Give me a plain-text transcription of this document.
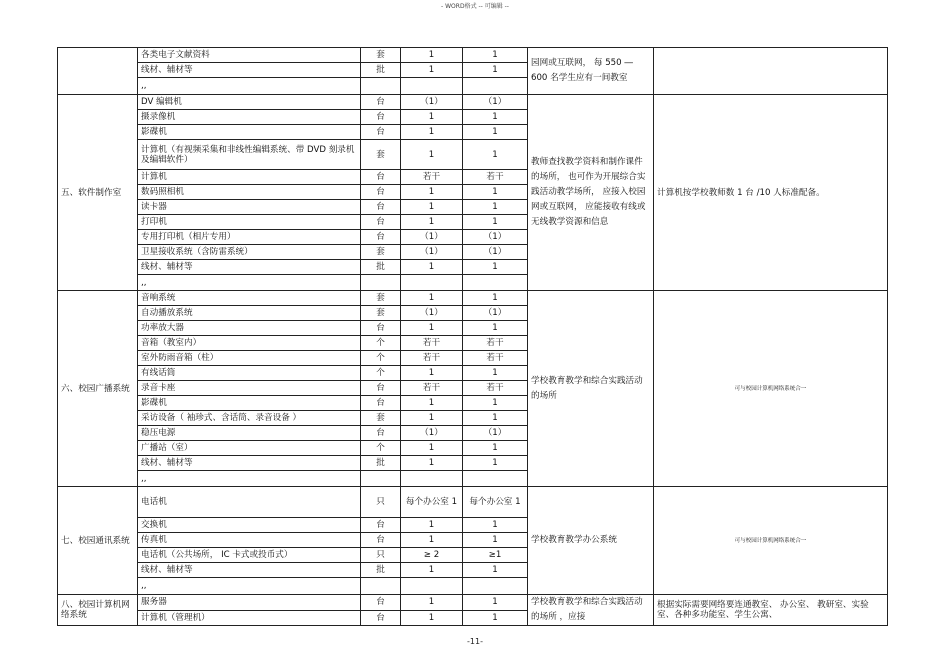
- WORD格式 -- 可编辑 --
	各类电子文献资料	套	1	1	园网或互联网， 每 550 ― 600 名学生应有一间教室	
	线材、辅材等	批	1	1		
	,,					
五、软件制作室	DV 编辑机	台	（1）	（1）	教师查找教学资料和制作课件的场所， 也可作为开展综合实践活动教学场所， 应接入校园网或互联网， 应能接收有线或无线教学资源和信息	计算机按学校教师数 1 台 /10 人标准配备。
	摄录像机	台	1	1		
	影碟机	台	1	1		
	计算机（有视频采集和非线性编辑系统、带 DVD 刻录机及编辑软件）	套	1	1		
	计算机	台	若干	若干		
	数码照相机	台	1	1		
	读卡器	台	1	1		
	打印机	台	1	1		
	专用打印机（相片专用）	台	（1）	（1）		
	卫星接收系统（含防雷系统）	套	（1）	（1）		
	线材、辅材等	批	1	1		
	,,					
六、校园广播系统	音响系统	套	1	1	学校教育教学和综合实践活动的场所	可与校园计算机网络系统合一
	自动播放系统	套	（1）	（1）		
	功率放大器	台	1	1		
	音箱（教室内）	个	若干	若干		
	室外防雨音箱（柱）	个	若干	若干		
	有线话筒	个	1	1		
	录音卡座	台	若干	若干		
	影碟机	台	1	1		
	采访设备（ 袖珍式、含话筒、录音设备 ）	套	1	1		
	稳压电源	台	（1）	（1）		
	广播站（室）	个	1	1		
	线材、辅材等	批	1	1		
	,,					
七、校园通讯系统	电话机	只	每个办公室 1	每个办公室 1	学校教育教学办公系统	可与校园计算机网络系统合一
	交换机	台	1	1		
	传真机	台	1	1		
	电话机（公共场所， IC 卡式或投币式）	只	≥ 2	≥1		
	线材、辅材等	批	1	1		
	,,					
八、校园计算机网络系统	服务器	台	1	1	学校教育教学和综合实践活动的场所 ，应接	根据实际需要网络要连通教室、 办公室、 教研室、实验室、各种多功能室、学生公寓、
	计算机（管理机）	台	1	1		
-11-
